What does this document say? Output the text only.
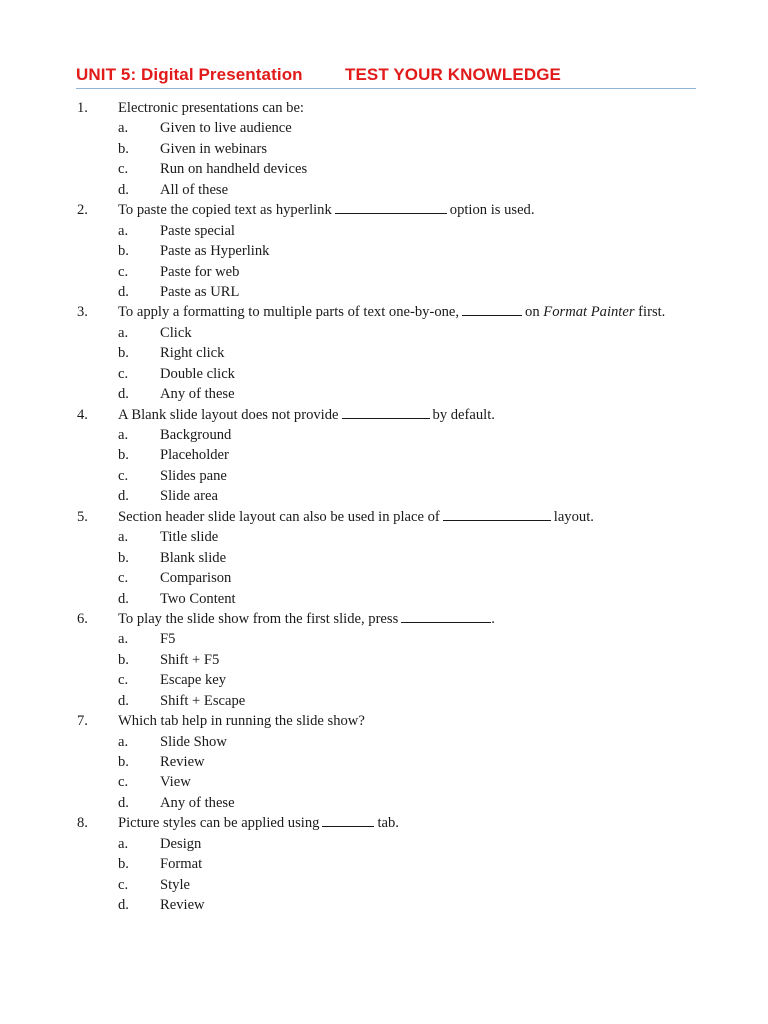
UNIT 5: Digital Presentation TEST YOUR KNOWLEDGE
1. Electronic presentations can be:
a. Given to live audience
b. Given in webinars
c. Run on handheld devices
d. All of these
2. To paste the copied text as hyperlink	option is used.
a. Paste special
b. Paste as Hyperlink
c. Paste for web
d. Paste as URL
3. To apply a formatting to multiple parts of text one-by-one,	on Format Painter first.
a. Click
b. Right click
c. Double click
d. Any of these
4. A Blank slide layout does not provide	by default.
a. Background
b. Placeholder
c. Slides pane
d. Slide area
5. Section header slide layout can also be used in place of	layout.
a. Title slide
b. Blank slide
c. Comparison
d. Two Content
6. To play the slide show from the first slide, press	.
a. F5
b. Shift + F5
c. Escape key
d. Shift + Escape
7. Which tab help in running the slide show?
a. Slide Show
b. Review
c. View
d. Any of these
8. Picture styles can be applied using	tab.
a. Design
b. Format
c. Style
d. Review
